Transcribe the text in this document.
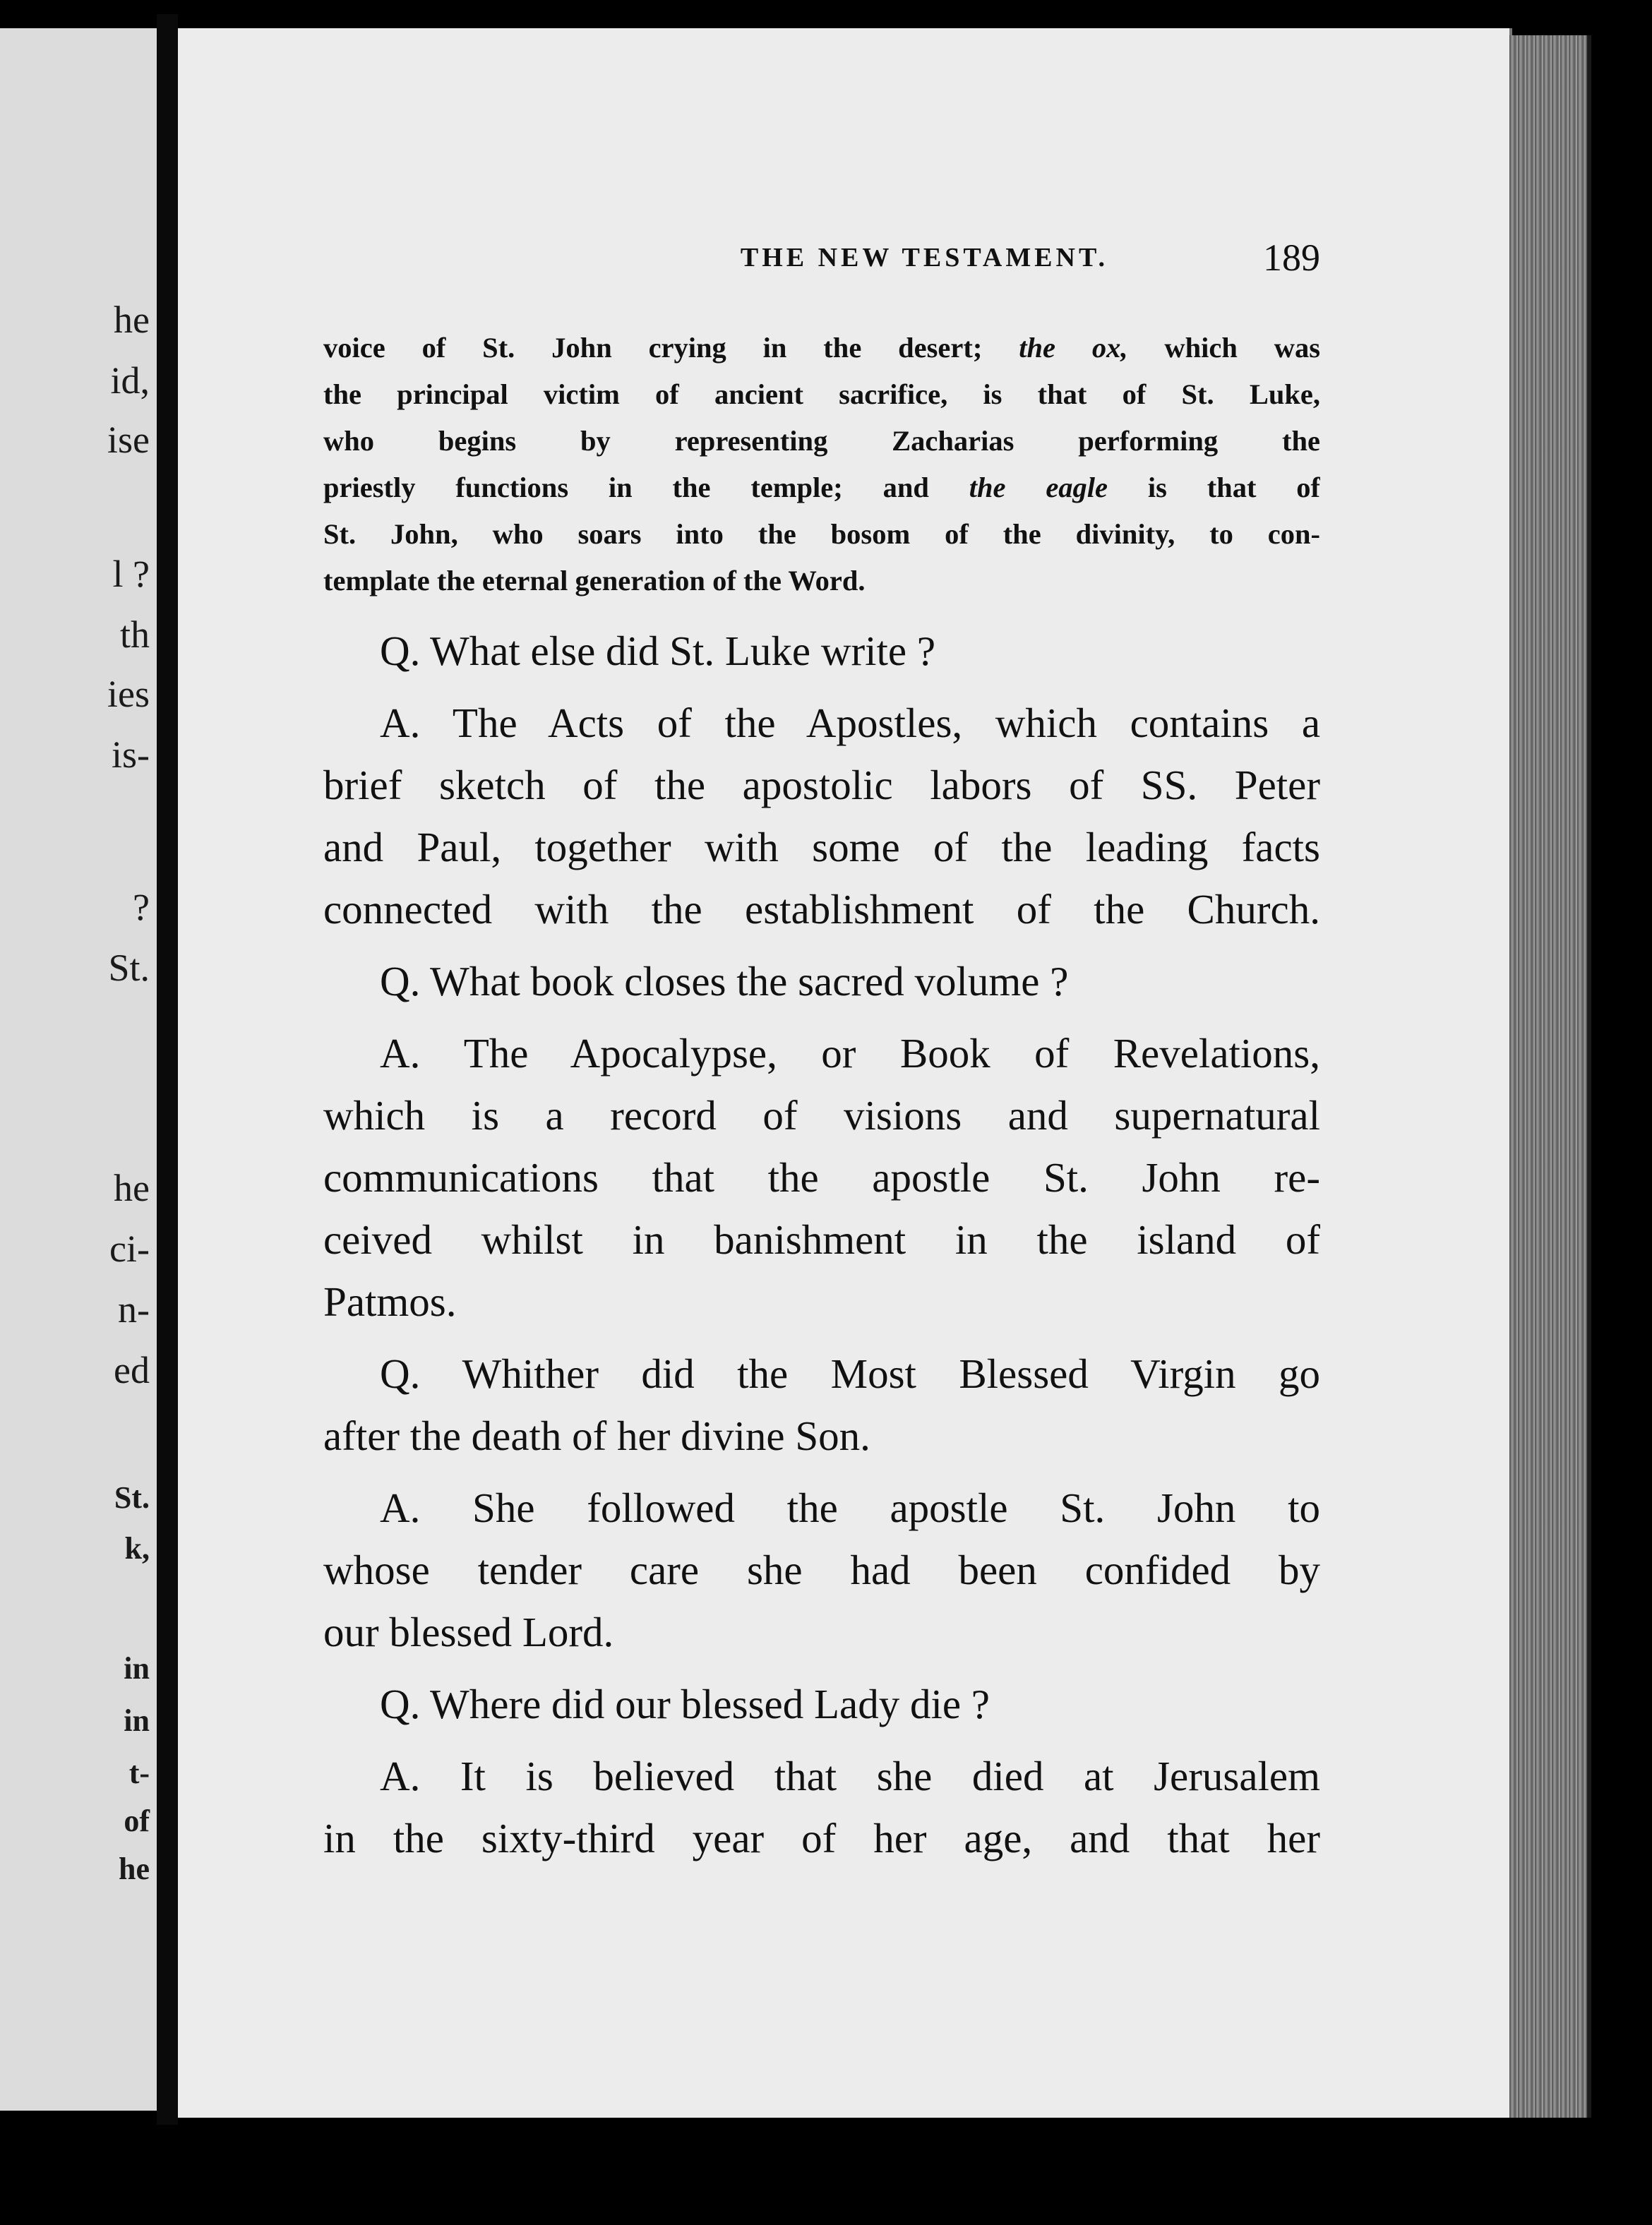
he
id,
ise
l ?
th
ies
is-
?
St.
he
ci-
n-
ed
St.
k,
in
in
t-
of
he
THE NEW TESTAMENT.	189
voice of St. John crying in the desert; the ox, which was
the principal victim of ancient sacrifice, is that of St. Luke,
who begins by representing Zacharias performing the
priestly functions in the temple; and the eagle is that of
St. John, who soars into the bosom of the divinity, to con-
template the eternal generation of the Word.
Q. What else did St. Luke write ?
A. The Acts of the Apostles, which contains a
brief sketch of the apostolic labors of SS. Peter
and Paul, together with some of the leading facts
connected with the establishment of the Church.
Q. What book closes the sacred volume ?
A. The Apocalypse, or Book of Revelations,
which is a record of visions and supernatural
communications that the apostle St. John re-
ceived whilst in banishment in the island of
Patmos.
Q. Whither did the Most Blessed Virgin go
after the death of her divine Son.
A. She followed the apostle St. John to
whose tender care she had been confided by
our blessed Lord.
Q. Where did our blessed Lady die ?
A. It is believed that she died at Jerusalem
in the sixty-third year of her age, and that her
